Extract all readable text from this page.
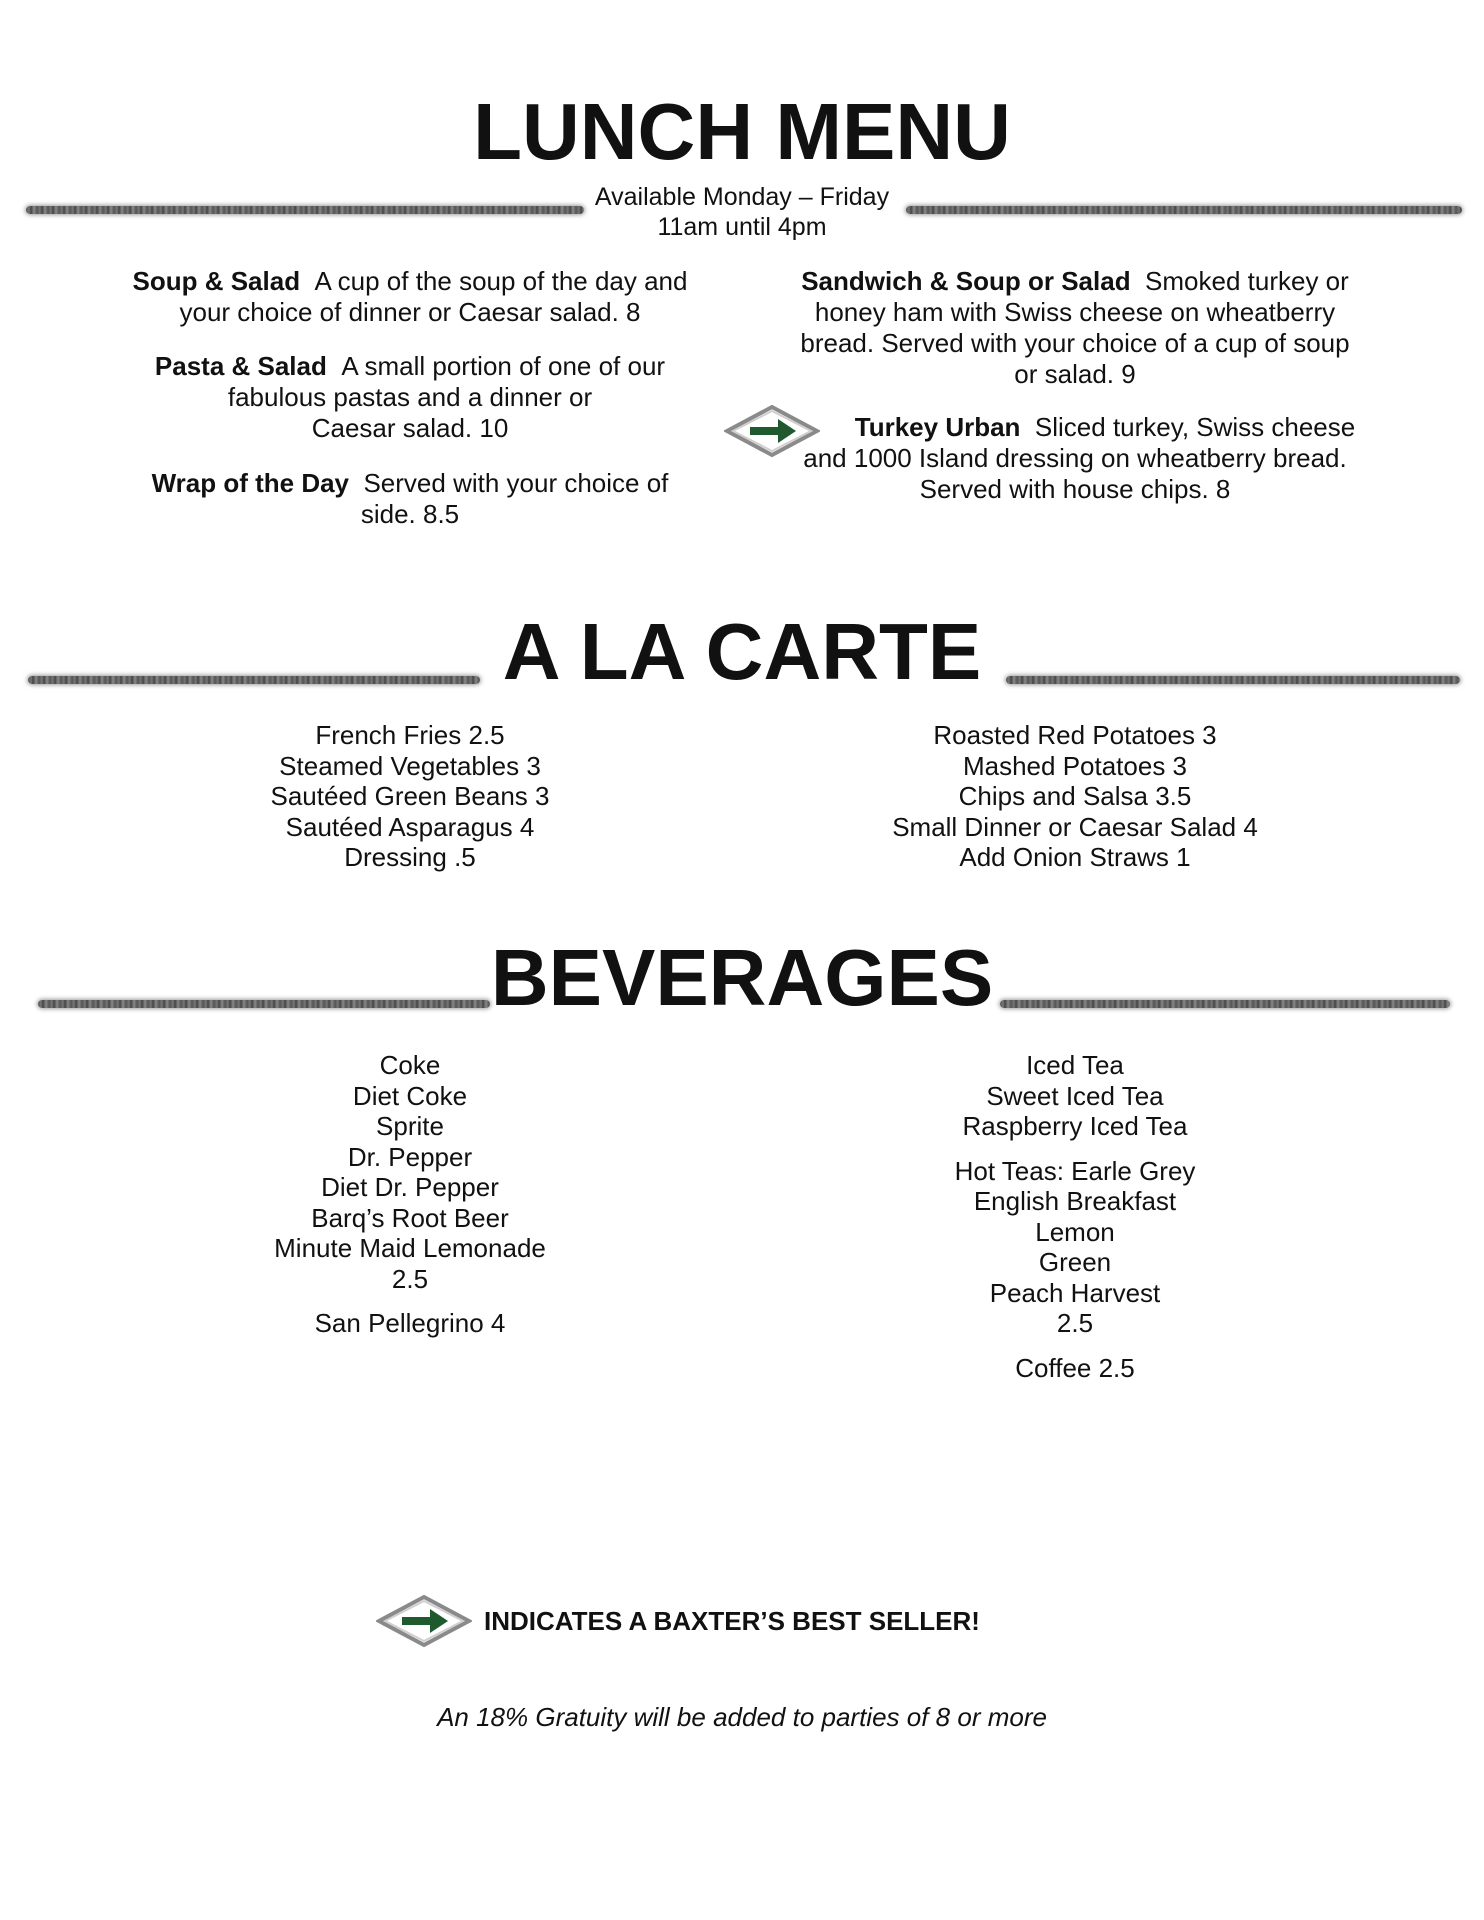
LUNCH MENU
Available Monday – Friday
11am until 4pm
Soup & Salad A cup of the soup of the day and
your choice of dinner or Caesar salad. 8
Pasta & Salad A small portion of one of our
fabulous pastas and a dinner or
Caesar salad. 10
Wrap of the Day Served with your choice of
side. 8.5
Sandwich & Soup or Salad Smoked turkey or
honey ham with Swiss cheese on wheatberry
bread. Served with your choice of a cup of soup
or salad. 9
Turkey Urban Sliced turkey, Swiss cheese
and 1000 Island dressing on wheatberry bread.
Served with house chips. 8
A LA CARTE
French Fries 2.5
Steamed Vegetables 3
Sautéed Green Beans 3
Sautéed Asparagus 4
Dressing .5
Roasted Red Potatoes 3
Mashed Potatoes 3
Chips and Salsa 3.5
Small Dinner or Caesar Salad 4
Add Onion Straws 1
BEVERAGES
Coke
Diet Coke
Sprite
Dr. Pepper
Diet Dr. Pepper
Barq’s Root Beer
Minute Maid Lemonade
2.5
San Pellegrino 4
Iced Tea
Sweet Iced Tea
Raspberry Iced Tea
Hot Teas: Earle Grey
English Breakfast
Lemon
Green
Peach Harvest
2.5
Coffee 2.5
INDICATES A BAXTER’S BEST SELLER!
An 18% Gratuity will be added to parties of 8 or more
